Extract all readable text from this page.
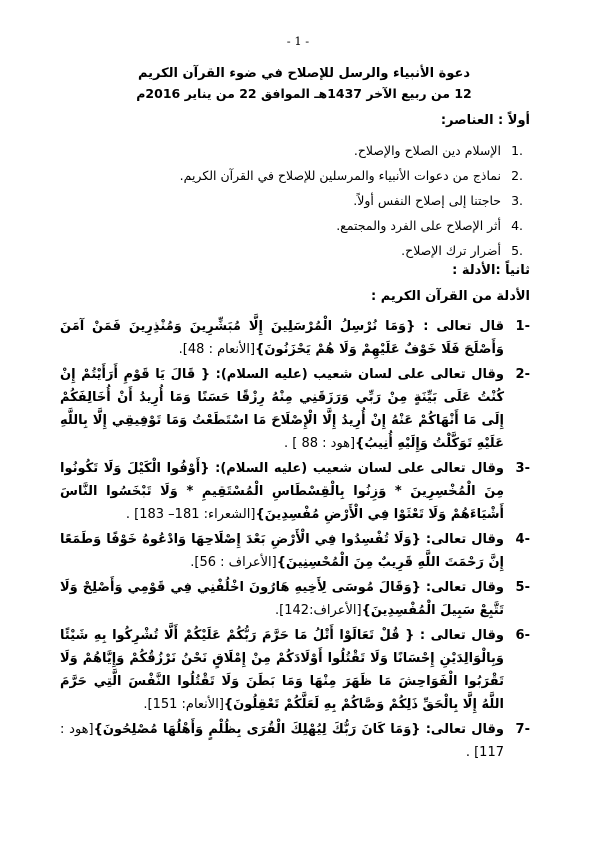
- 1 -
دعوة الأنبياء والرسل للإصلاح في ضوء القرآن الكريم
12 من ربيع الآخر 1437هـ الموافق 22 من يناير 2016م
أولاً : العناصر:
1.
الإسلام دين الصلاح والإصلاح.
2.
نماذج من دعوات الأنبياء والمرسلين للإصلاح في القرآن الكريم.
3.
حاجتنا إلى إصلاح النفس أولاً.
4.
أثر الإصلاح على الفرد والمجتمع.
5.
أضرار ترك الإصلاح.
ثانياً :الأدلة :
الأدلة من القرآن الكريم :
1-
قال تعالى : {وَمَا نُرْسِلُ الْمُرْسَلِينَ إِلَّا مُبَشِّرِينَ وَمُنْذِرِينَ فَمَنْ آمَنَ وَأَصْلَحَ فَلَا خَوْفٌ عَلَيْهِمْ وَلَا هُمْ يَحْزَنُونَ}[الأنعام : 48].
2-
وقال تعالى على لسان شعيب (عليه السلام): { قَالَ يَا قَوْمِ أَرَأَيْتُمْ إِنْ كُنْتُ عَلَى بَيِّنَةٍ مِنْ رَبِّي وَرَزَقَنِي مِنْهُ رِزْقًا حَسَنًا وَمَا أُرِيدُ أَنْ أُخَالِفَكُمْ إِلَى مَا أَنْهَاكُمْ عَنْهُ إِنْ أُرِيدُ إِلَّا الْإِصْلَاحَ مَا اسْتَطَعْتُ وَمَا تَوْفِيقِي إِلَّا بِاللَّهِ عَلَيْهِ تَوَكَّلْتُ وَإِلَيْهِ أُنِيبُ}[هود : 88 ] .
3-
وقال تعالى على لسان شعيب (عليه السلام): {أَوْفُوا الْكَيْلَ وَلَا تَكُونُوا مِنَ الْمُخْسِرِينَ * وَزِنُوا بِالْقِسْطَاسِ الْمُسْتَقِيمِ * وَلَا تَبْخَسُوا النَّاسَ أَشْيَاءَهُمْ وَلَا تَعْثَوْا فِي الْأَرْضِ مُفْسِدِينَ}[الشعراء: 181– 183] .
4-
وقال تعالى: {وَلَا تُفْسِدُوا فِي الْأَرْضِ بَعْدَ إِصْلَاحِهَا وَادْعُوهُ خَوْفًا وَطَمَعًا إِنَّ رَحْمَتَ اللَّهِ قَرِيبٌ مِنَ الْمُحْسِنِينَ}[الأعراف : 56].
5-
وقال تعالى: {وَقَالَ مُوسَى لِأَخِيهِ هَارُونَ اخْلُفْنِي فِي قَوْمِي وَأَصْلِحْ وَلَا تَتَّبِعْ سَبِيلَ الْمُفْسِدِينَ}[الأعراف:142].
6-
وقال تعالى : { قُلْ تَعَالَوْا أَتْلُ مَا حَرَّمَ رَبُّكُمْ عَلَيْكُمْ أَلَّا تُشْرِكُوا بِهِ شَيْئًا وَبِالْوَالِدَيْنِ إِحْسَانًا وَلَا تَقْتُلُوا أَوْلَادَكُمْ مِنْ إِمْلَاقٍ نَحْنُ نَرْزُقُكُمْ وَإِيَّاهُمْ وَلَا تَقْرَبُوا الْفَوَاحِشَ مَا ظَهَرَ مِنْهَا وَمَا بَطَنَ وَلَا تَقْتُلُوا النَّفْسَ الَّتِي حَرَّمَ اللَّهُ إِلَّا بِالْحَقِّ ذَلِكُمْ وَصَّاكُمْ بِهِ لَعَلَّكُمْ تَعْقِلُونَ}[الأنعام: 151].
7-
وقال تعالى: {وَمَا كَانَ رَبُّكَ لِيُهْلِكَ الْقُرَى بِظُلْمٍ وَأَهْلُهَا مُصْلِحُونَ}[هود : 117] .
